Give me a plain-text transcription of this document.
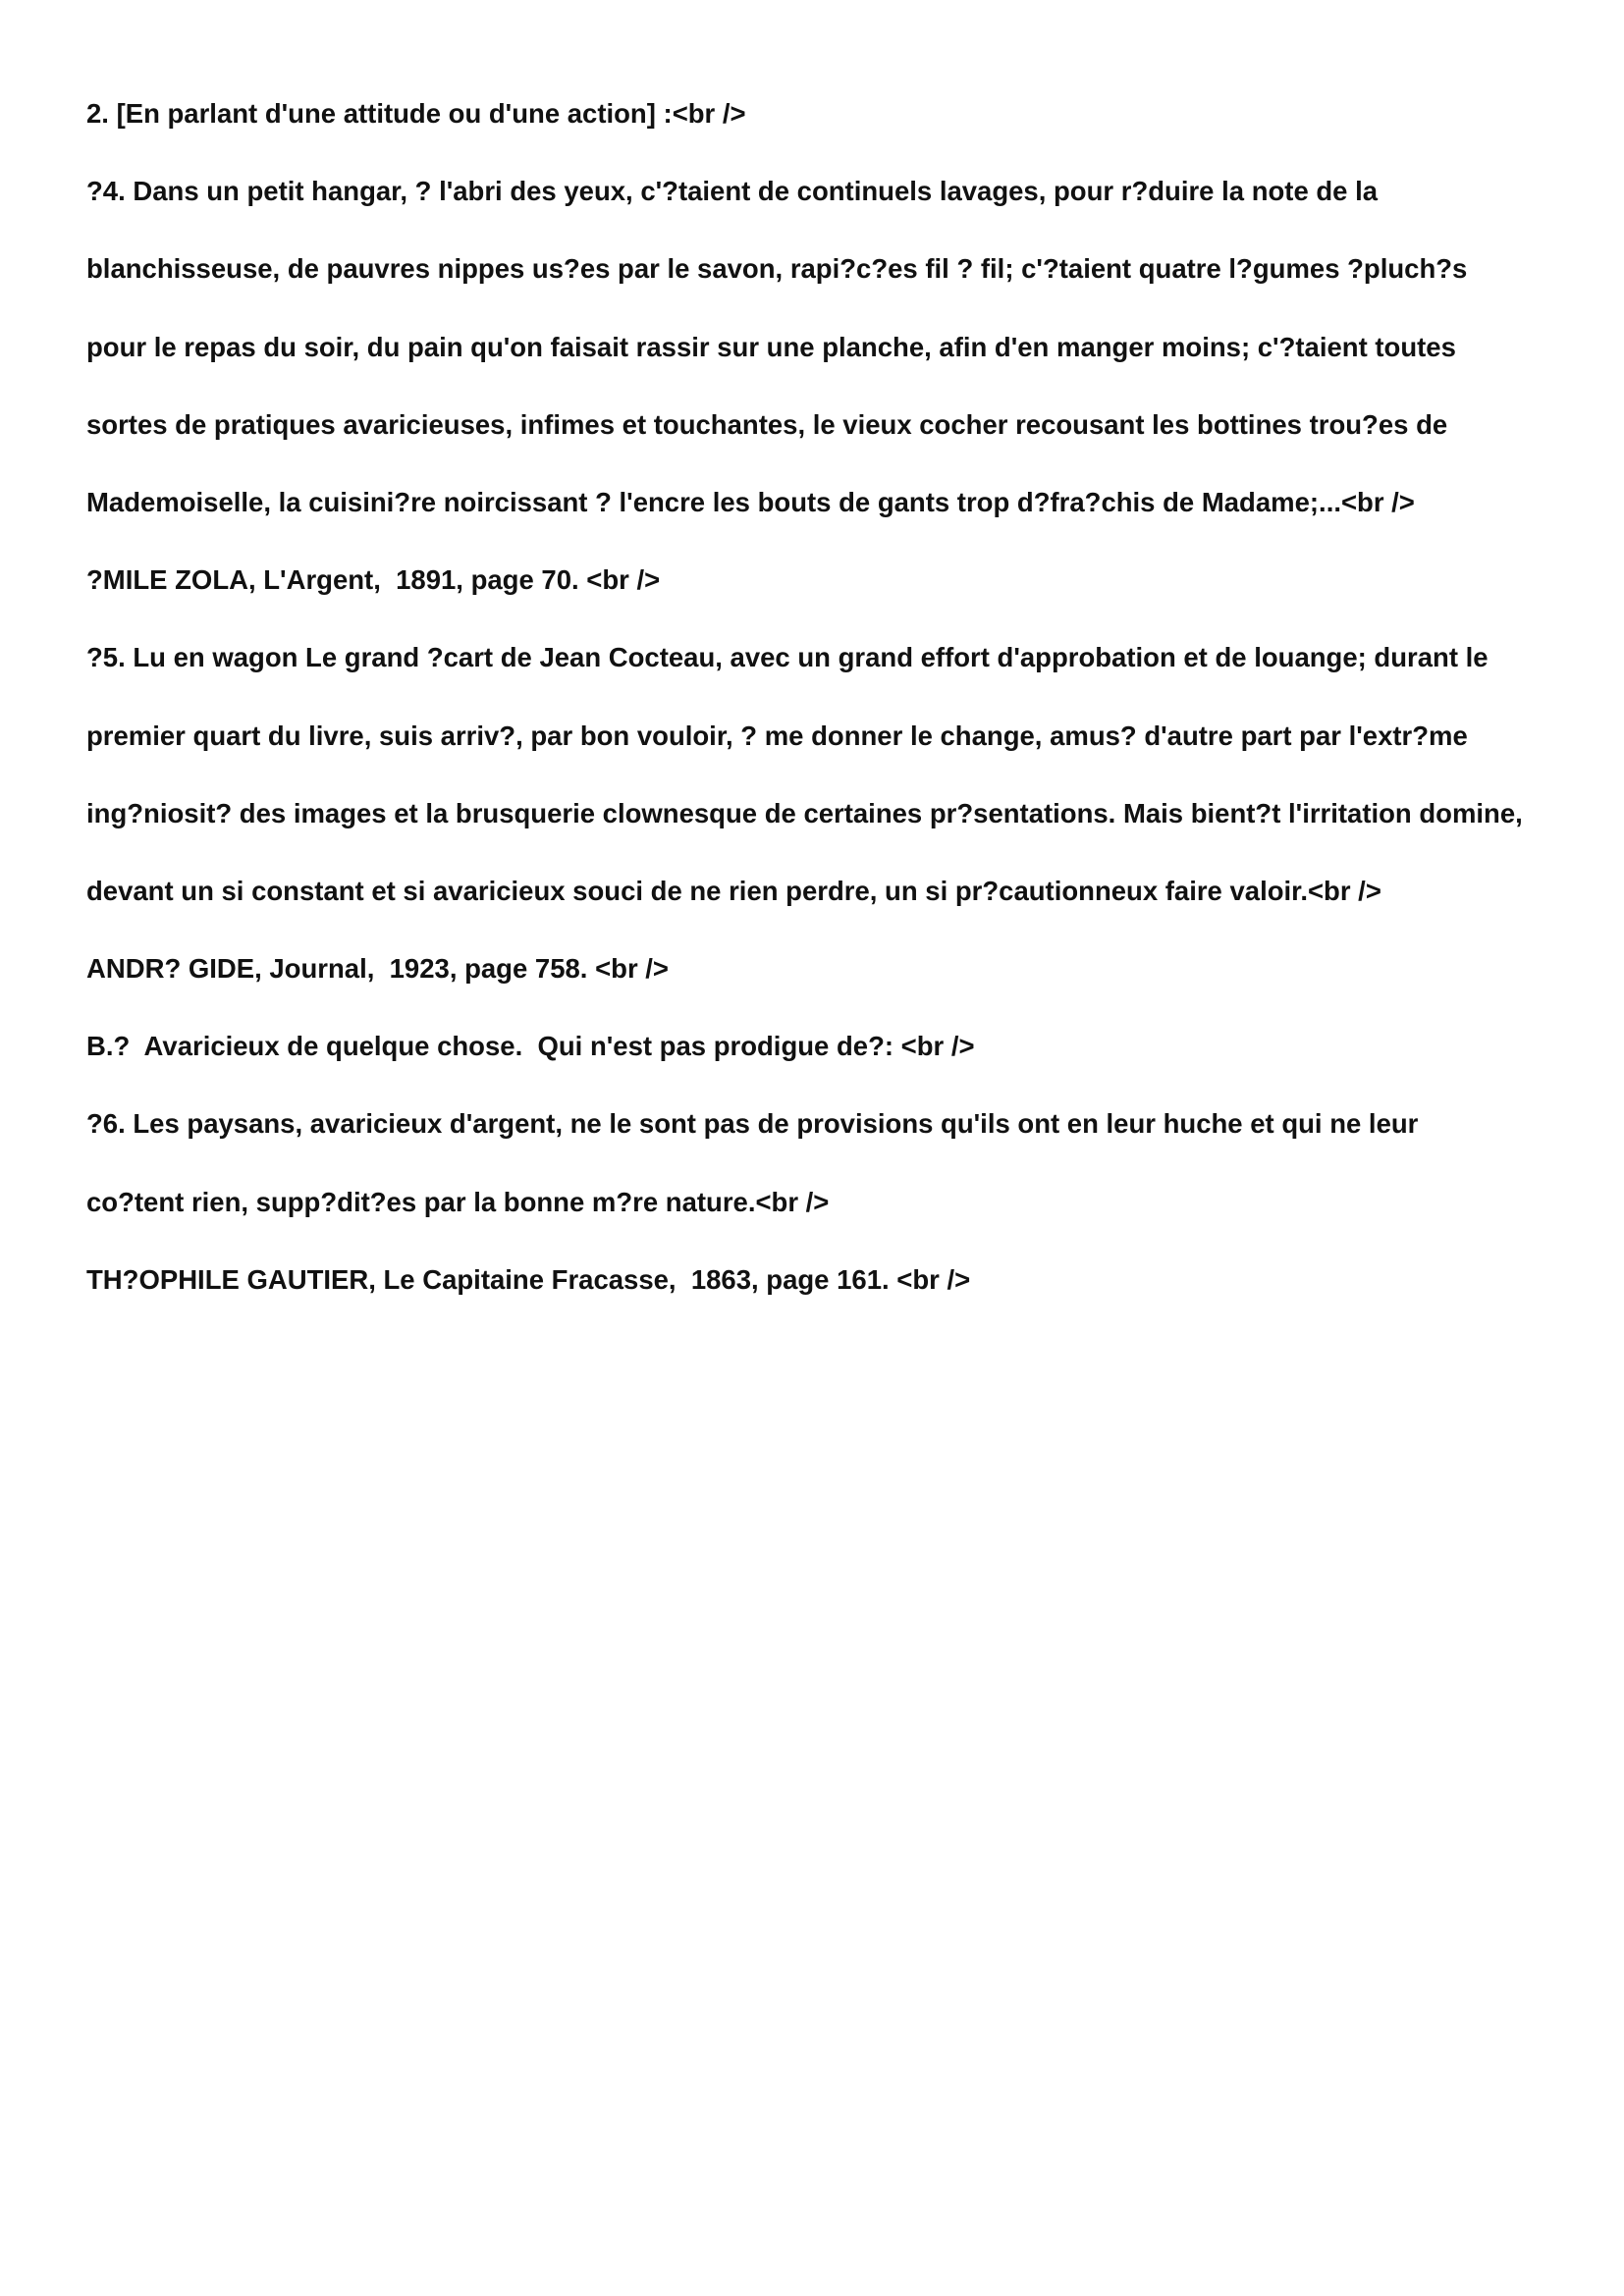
2. [En parlant d'une attitude ou d'une action] :<br />
?4. Dans un petit hangar, ? l'abri des yeux, c'?taient de continuels lavages, pour r?duire la note de la
blanchisseuse, de pauvres nippes us?es par le savon, rapi?c?es fil ? fil; c'?taient quatre l?gumes ?pluch?s
pour le repas du soir, du pain qu'on faisait rassir sur une planche, afin d'en manger moins; c'?taient toutes
sortes de pratiques avaricieuses, infimes et touchantes, le vieux cocher recousant les bottines trou?es de
Mademoiselle, la cuisini?re noircissant ? l'encre les bouts de gants trop d?fra?chis de Madame;...<br />
?MILE ZOLA, L'Argent,  1891, page 70. <br />
?5. Lu en wagon Le grand ?cart de Jean Cocteau, avec un grand effort d'approbation et de louange; durant le
premier quart du livre, suis arriv?, par bon vouloir, ? me donner le change, amus? d'autre part par l'extr?me
ing?niosit? des images et la brusquerie clownesque de certaines pr?sentations. Mais bient?t l'irritation domine,
devant un si constant et si avaricieux souci de ne rien perdre, un si pr?cautionneux faire valoir.<br />
ANDR? GIDE, Journal,  1923, page 758. <br />
B.?  Avaricieux de quelque chose.  Qui n'est pas prodigue de?: <br />
?6. Les paysans, avaricieux d'argent, ne le sont pas de provisions qu'ils ont en leur huche et qui ne leur
co?tent rien, supp?dit?es par la bonne m?re nature.<br />
TH?OPHILE GAUTIER, Le Capitaine Fracasse,  1863, page 161. <br />
